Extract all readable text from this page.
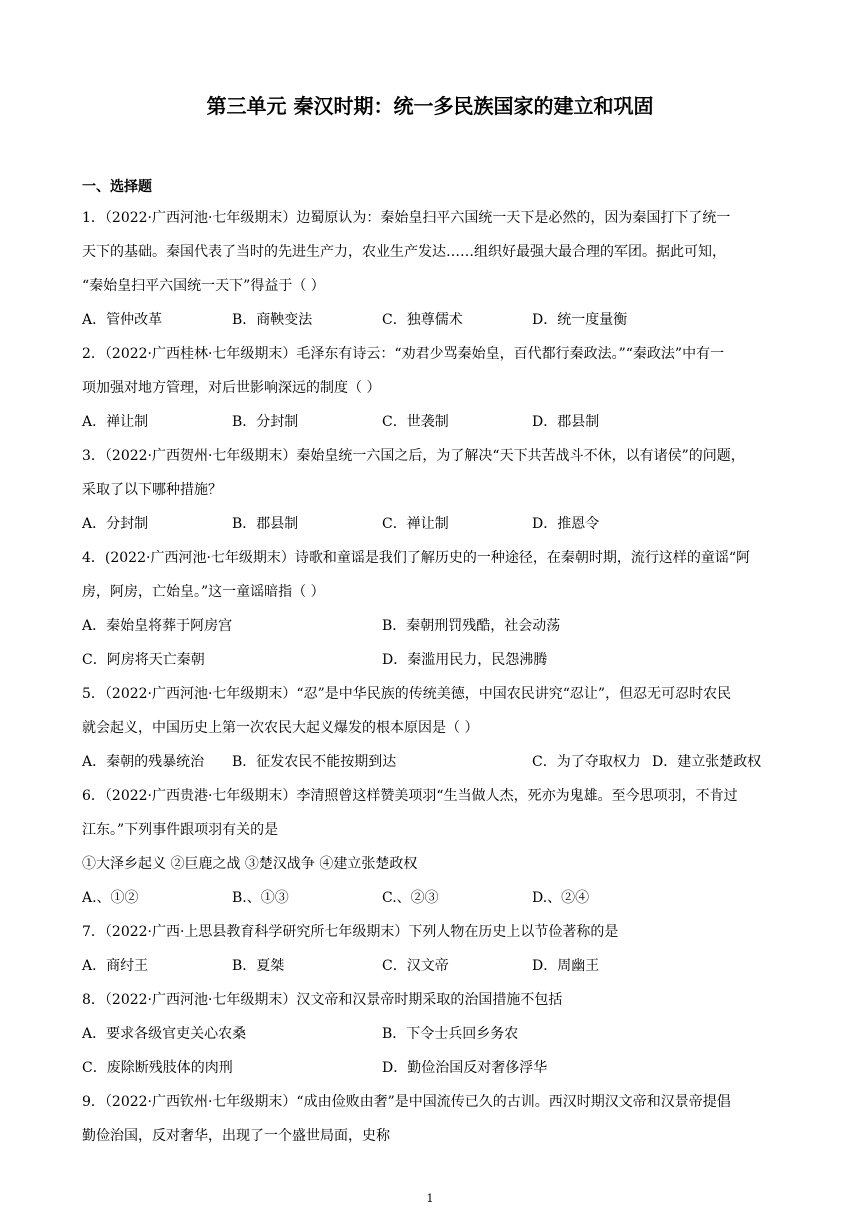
第三单元 秦汉时期：统一多民族国家的建立和巩固
一、选择题
1．（2022·广西河池·七年级期末）边蜀原认为：秦始皇扫平六国统一天下是必然的，因为秦国打下了统一
天下的基础。秦国代表了当时的先进生产力，农业生产发达……组织好最强大最合理的军团。据此可知，
“秦始皇扫平六国统一天下”得益于（ ）
A．管仲改革	B．商鞅变法	C．独尊儒术	D．统一度量衡
2．（2022·广西桂林·七年级期末）毛泽东有诗云：“劝君少骂秦始皇，百代都行秦政法。”“秦政法”中有一
项加强对地方管理，对后世影响深远的制度（ ）
A．禅让制	B．分封制	C．世袭制	D．郡县制
3．（2022·广西贺州·七年级期末）秦始皇统一六国之后，为了解决“天下共苦战斗不休，以有诸侯”的问题，
采取了以下哪种措施？
A．分封制	B．郡县制	C．禅让制	D．推恩令
4．(2022·广西河池·七年级期末）诗歌和童谣是我们了解历史的一种途径，在秦朝时期，流行这样的童谣“阿
房，阿房，亡始皇。”这一童谣暗指（ ）
A．秦始皇将葬于阿房宫	B．秦朝刑罚残酷，社会动荡
C．阿房将天亡秦朝	D．秦滥用民力，民怨沸腾
5．（2022·广西河池·七年级期末）“忍”是中华民族的传统美德，中国农民讲究“忍让”，但忍无可忍时农民
就会起义，中国历史上第一次农民大起义爆发的根本原因是（ ）
A．秦朝的残暴统治	B．征发农民不能按期到达	C．为了夺取权力 D．建立张楚政权
6．（2022·广西贵港·七年级期末）李清照曾这样赞美项羽“生当做人杰，死亦为鬼雄。至今思项羽，不肯过
江东。”下列事件跟项羽有关的是
①大泽乡起义 ②巨鹿之战 ③楚汉战争 ④建立张楚政权
A.、①②	B.、①③	C.、②③	D.、②④
7．（2022·广西·上思县教育科学研究所七年级期末）下列人物在历史上以节俭著称的是
A．商纣王	B．夏桀	C．汉文帝	D．周幽王
8．（2022·广西河池·七年级期末）汉文帝和汉景帝时期采取的治国措施不包括
A．要求各级官吏关心农桑	B．下令士兵回乡务农
C．废除断残肢体的肉刑	D．勤俭治国反对奢侈浮华
9．（2022·广西钦州·七年级期末）“成由俭败由奢”是中国流传已久的古训。西汉时期汉文帝和汉景帝提倡
勤俭治国，反对奢华，出现了一个盛世局面，史称
1
